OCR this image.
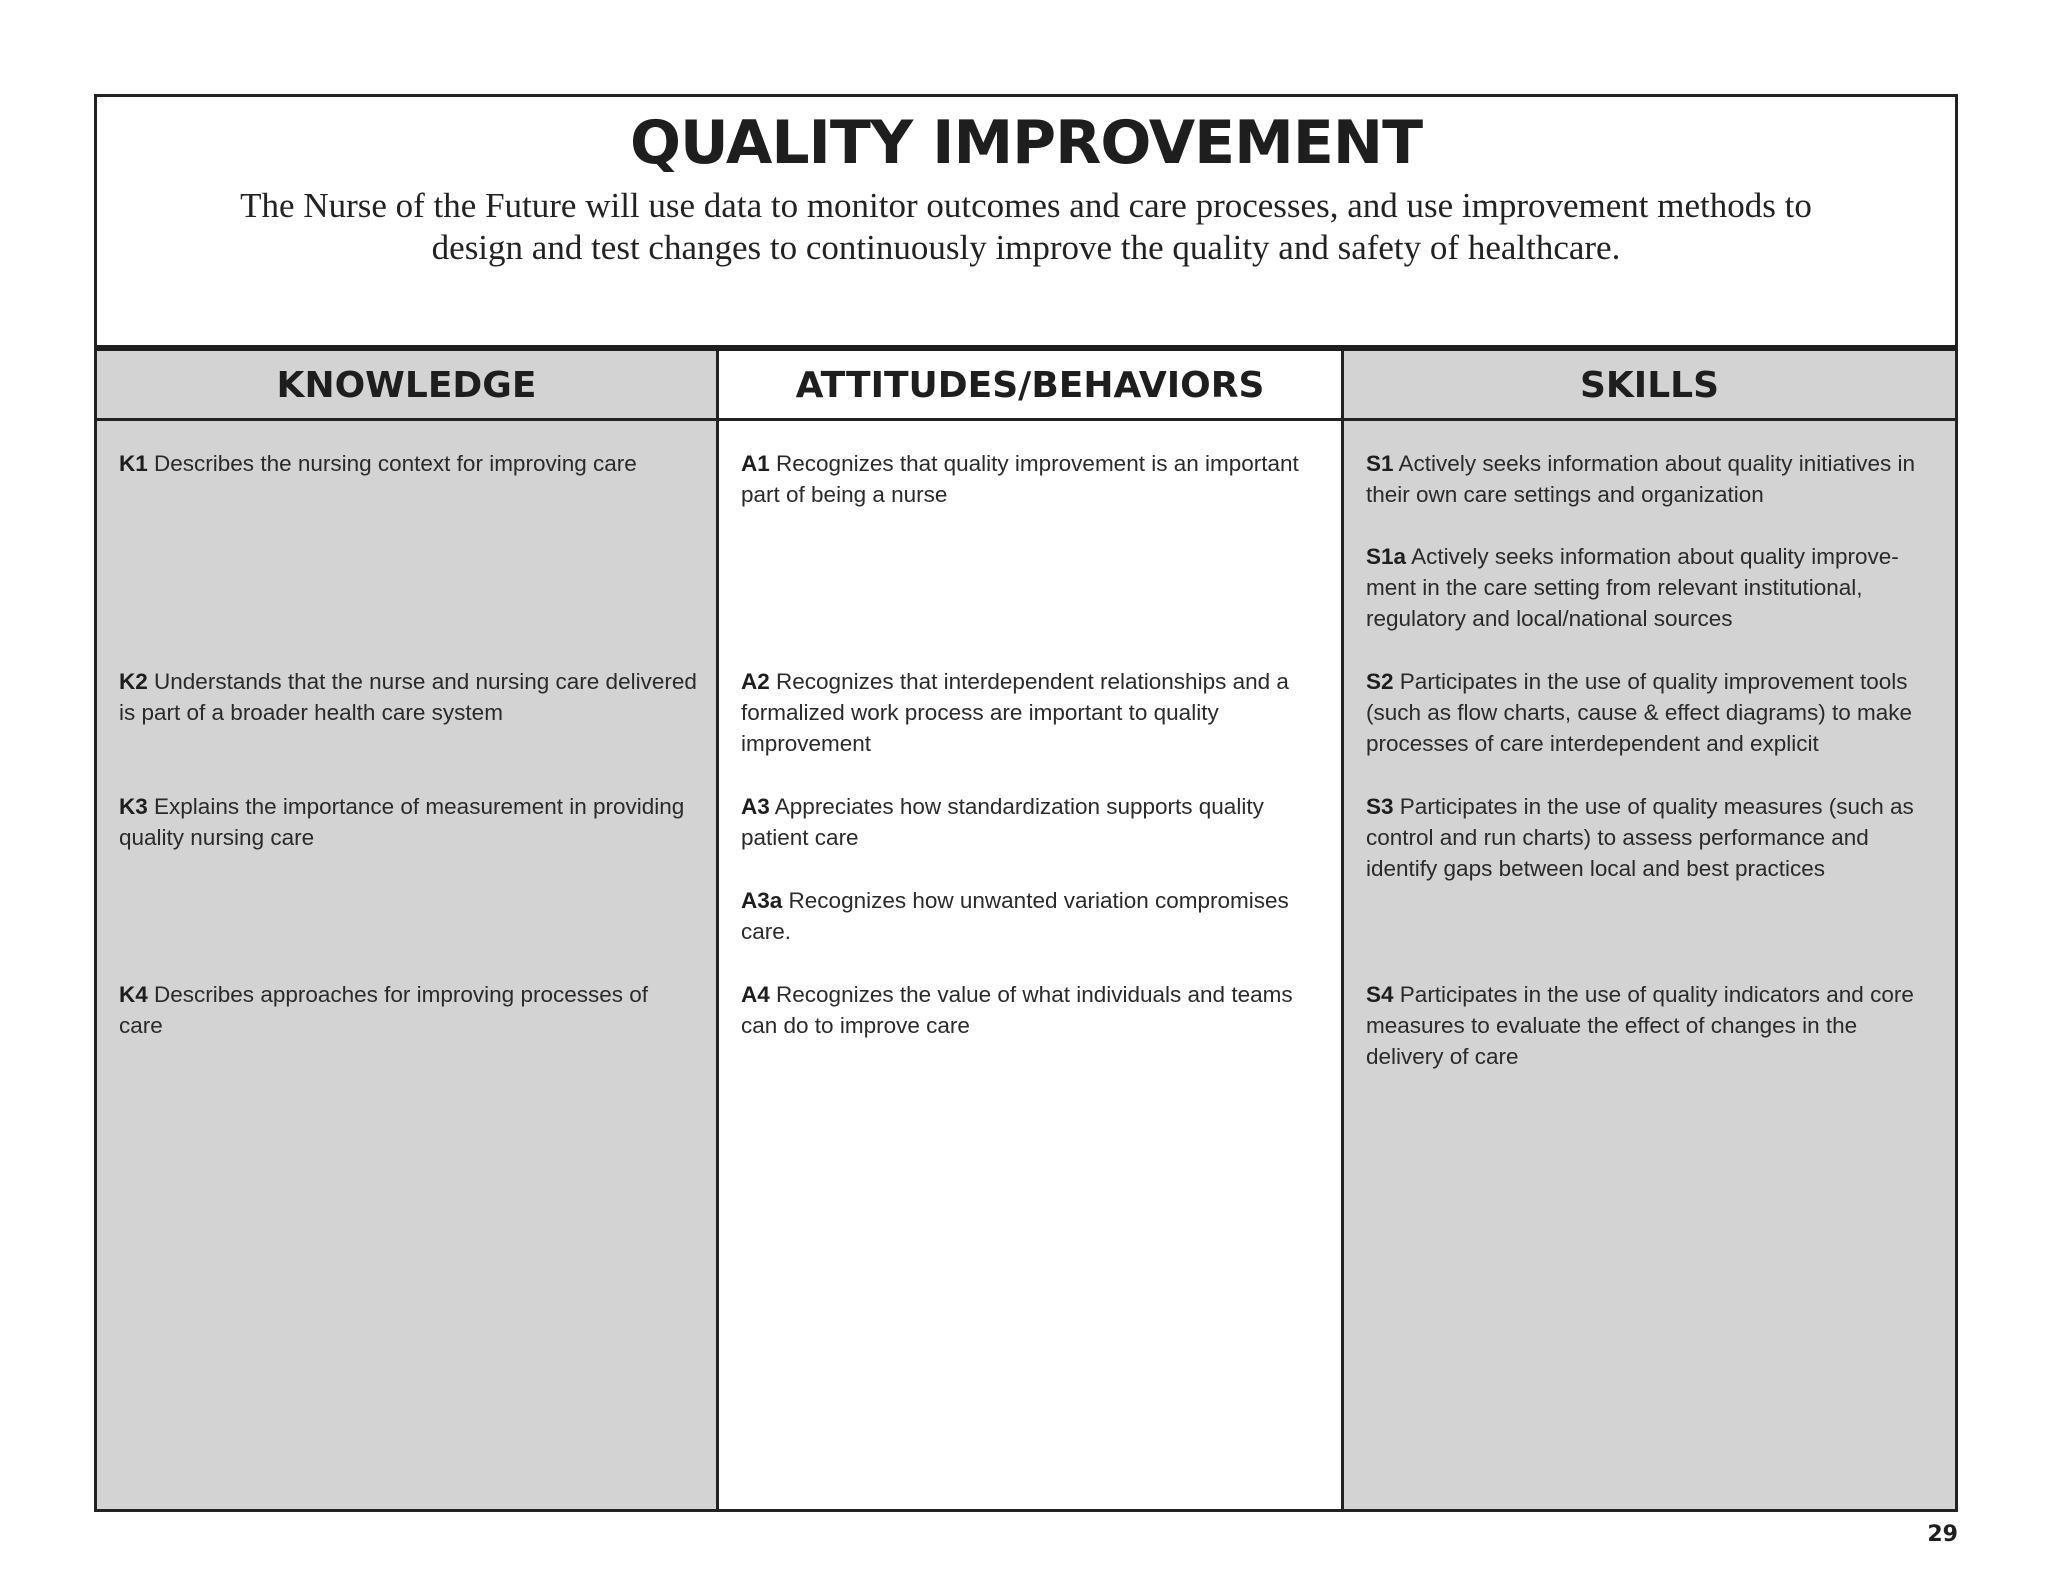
QUALITY IMPROVEMENT

The Nurse of the Future will use data to monitor outcomes and care processes, and use improvement methods to design and test changes to continuously improve the quality and safety of healthcare.

KNOWLEDGE
K1 Describes the nursing context for improving care
K2 Understands that the nurse and nursing care delivered is part of a broader health care system
K3 Explains the importance of measurement in providing quality nursing care
K4 Describes approaches for improving processes of care
ATTITUDES/BEHAVIORS
A1 Recognizes that quality improvement is an important part of being a nurse
A2 Recognizes that interdependent relationships and a formalized work process are important to quality improvement
A3 Appreciates how standardization supports quality patient care
A3a Recognizes how unwanted variation compromises care.
A4 Recognizes the value of what individuals and teams can do to improve care
SKILLS
S1 Actively seeks information about quality initiatives in their own care settings and organization
S1a Actively seeks information about quality improve-ment in the care setting from relevant institutional, regulatory and local/national sources
S2 Participates in the use of quality improvement tools (such as flow charts, cause & effect diagrams) to make processes of care interdependent and explicit
S3 Participates in the use of quality measures (such as control and run charts) to assess performance and identify gaps between local and best practices
S4 Participates in the use of quality indicators and core measures to evaluate the effect of changes in the delivery of care
29
